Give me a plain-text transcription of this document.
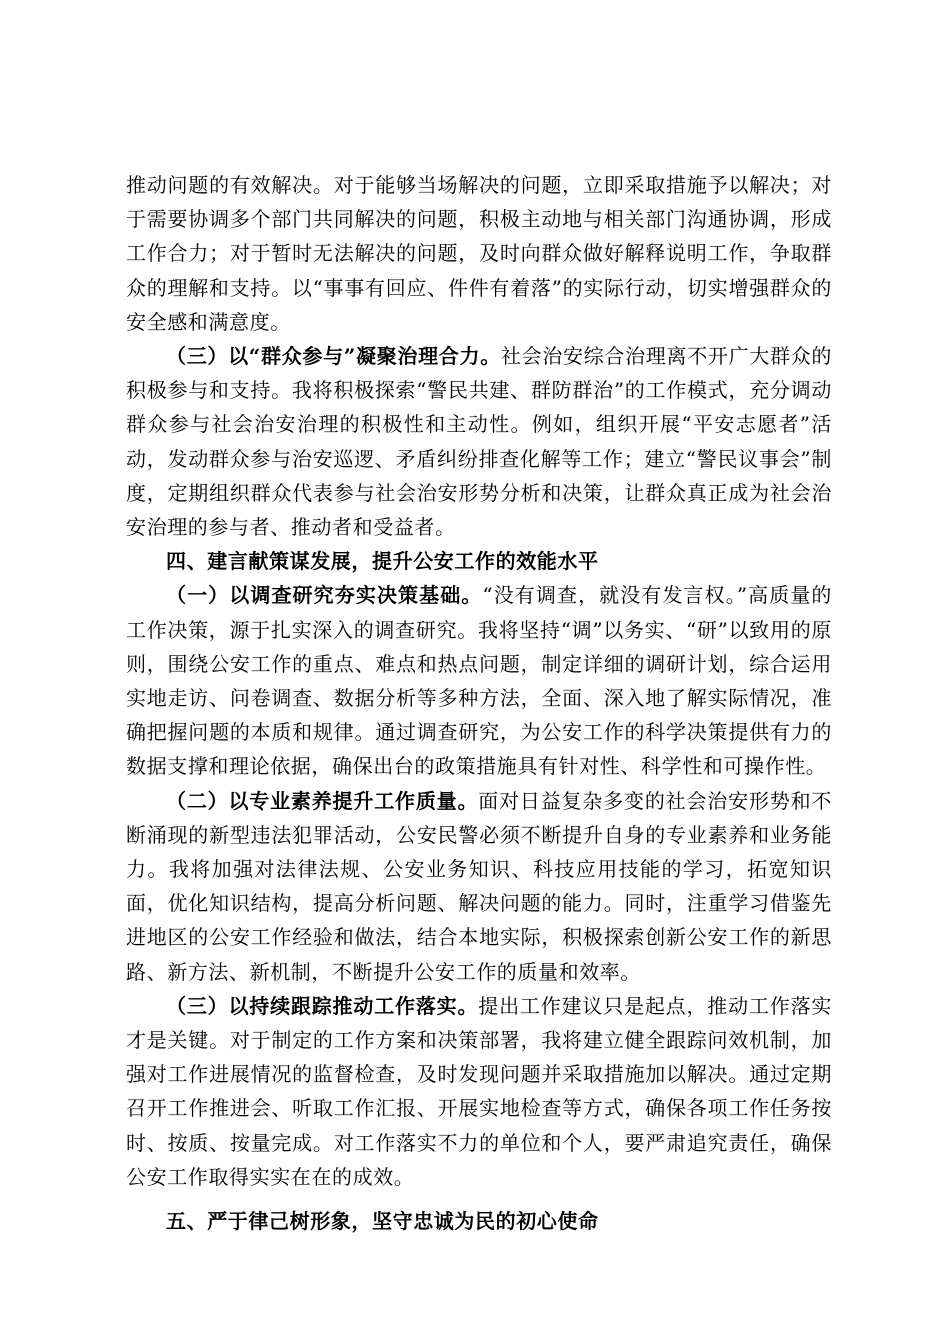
推动问题的有效解决。对于能够当场解决的问题，立即采取措施予以解决；对于需要协调多个部门共同解决的问题，积极主动地与相关部门沟通协调，形成工作合力；对于暂时无法解决的问题，及时向群众做好解释说明工作，争取群众的理解和支持。以“事事有回应、件件有着落”的实际行动，切实增强群众的安全感和满意度。

（三）以“群众参与”凝聚治理合力。社会治安综合治理离不开广大群众的积极参与和支持。我将积极探索“警民共建、群防群治”的工作模式，充分调动群众参与社会治安治理的积极性和主动性。例如，组织开展“平安志愿者”活动，发动群众参与治安巡逻、矛盾纠纷排查化解等工作；建立“警民议事会”制度，定期组织群众代表参与社会治安形势分析和决策，让群众真正成为社会治安治理的参与者、推动者和受益者。

四、建言献策谋发展，提升公安工作的效能水平

（一）以调查研究夯实决策基础。“没有调查，就没有发言权。”高质量的工作决策，源于扎实深入的调查研究。我将坚持“调”以务实、“研”以致用的原则，围绕公安工作的重点、难点和热点问题，制定详细的调研计划，综合运用实地走访、问卷调查、数据分析等多种方法，全面、深入地了解实际情况，准确把握问题的本质和规律。通过调查研究，为公安工作的科学决策提供有力的数据支撑和理论依据，确保出台的政策措施具有针对性、科学性和可操作性。

（二）以专业素养提升工作质量。面对日益复杂多变的社会治安形势和不断涌现的新型违法犯罪活动，公安民警必须不断提升自身的专业素养和业务能力。我将加强对法律法规、公安业务知识、科技应用技能的学习，拓宽知识面，优化知识结构，提高分析问题、解决问题的能力。同时，注重学习借鉴先进地区的公安工作经验和做法，结合本地实际，积极探索创新公安工作的新思路、新方法、新机制，不断提升公安工作的质量和效率。

（三）以持续跟踪推动工作落实。提出工作建议只是起点，推动工作落实才是关键。对于制定的工作方案和决策部署，我将建立健全跟踪问效机制，加强对工作进展情况的监督检查，及时发现问题并采取措施加以解决。通过定期召开工作推进会、听取工作汇报、开展实地检查等方式，确保各项工作任务按时、按质、按量完成。对工作落实不力的单位和个人，要严肃追究责任，确保公安工作取得实实在在的成效。

五、严于律己树形象，坚守忠诚为民的初心使命
